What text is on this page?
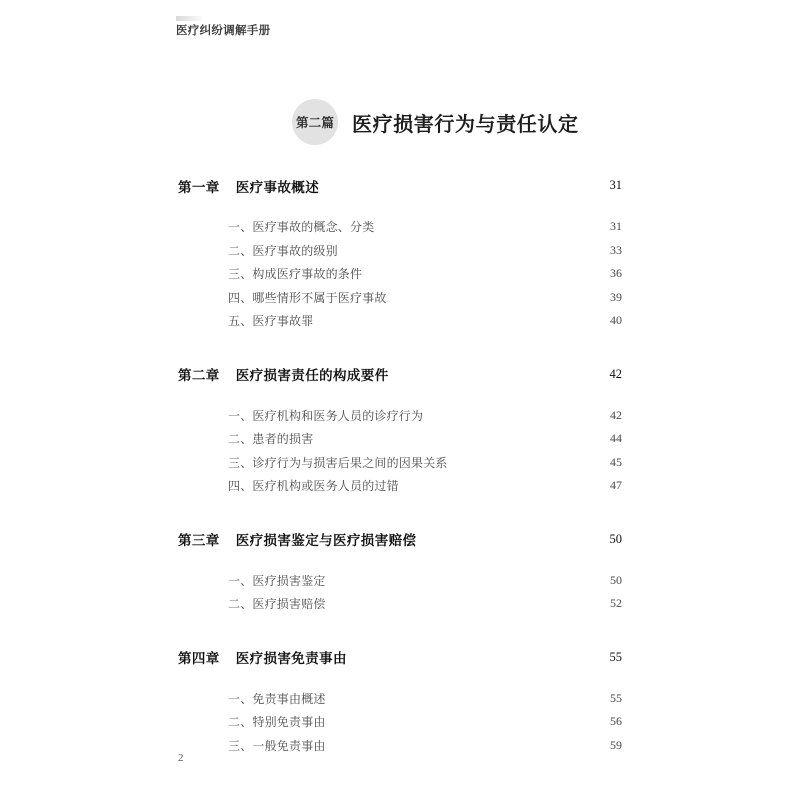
医疗纠纷调解手册
第二篇 医疗损害行为与责任认定
第一章 医疗事故概述	31
一、医疗事故的概念、分类	31
二、医疗事故的级别	33
三、构成医疗事故的条件	36
四、哪些情形不属于医疗事故	39
五、医疗事故罪	40
第二章 医疗损害责任的构成要件	42
一、医疗机构和医务人员的诊疗行为	42
二、患者的损害	44
三、诊疗行为与损害后果之间的因果关系	45
四、医疗机构或医务人员的过错	47
第三章 医疗损害鉴定与医疗损害赔偿	50
一、医疗损害鉴定	50
二、医疗损害赔偿	52
第四章 医疗损害免责事由	55
一、免责事由概述	55
二、特别免责事由	56
三、一般免责事由	59
2
